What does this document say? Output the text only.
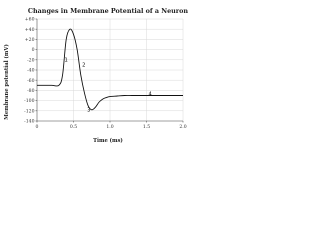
Changes in Membrane Potential of a Neuron
0	0.5	1.0	1.5	2.0
+60
+40
+20
0
-20
-40
-60
-80
-100
-120
-140
1
2
3
4
Time (ms)
Membrane potential (mV)
